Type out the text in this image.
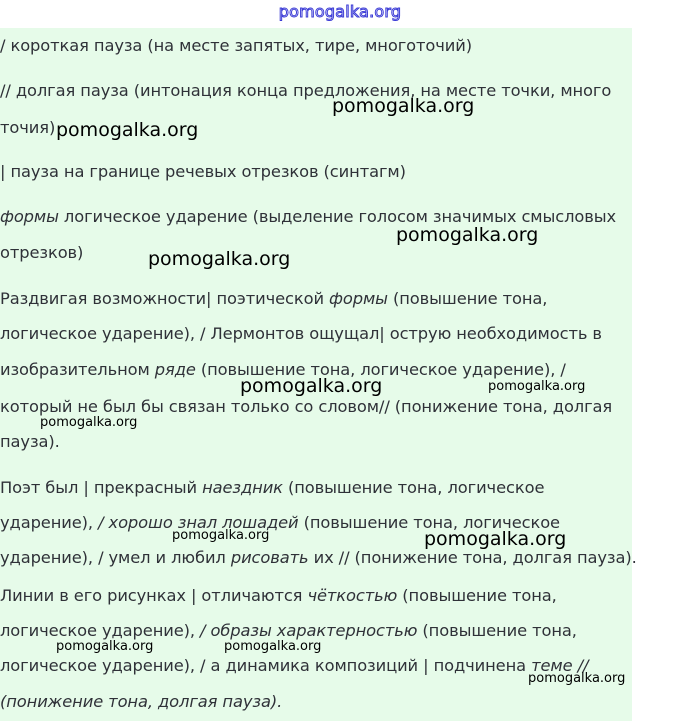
pomogalka.org
/ короткая пауза (на месте запятых, тире, многоточий)
// долгая пауза (интонация конца предложения, на месте точки, много
точия)
| пауза на границе речевых отрезков (синтагм)
формы логическое ударение (выделение голосом значимых смысловых
отрезков)
Раздвигая возможности| поэтической формы (повышение тона,
логическое ударение), / Лермонтов ощущал| острую необходимость в
изобразительном ряде (повышение тона, логическое ударение), /
который не был бы связан только со словом// (понижение тона, долгая
пауза).
Поэт был | прекрасный наездник (повышение тона, логическое
ударение), / хорошо знал лошадей (повышение тона, логическое
ударение), / умел и любил рисовать их // (понижение тона, долгая пауза).
Линии в его рисунках | отличаются чёткостью (повышение тона,
логическое ударение), / образы характерностью (повышение тона,
логическое ударение), / а динамика композиций | подчинена теме //
(понижение тона, долгая пауза).
pomogalka.org
pomogalka.org
pomogalka.org
pomogalka.org
pomogalka.org	pomogalka.org
pomogalka.org
pomogalka.org	pomogalka.org
pomogalka.org	pomogalka.org
pomogalka.org
